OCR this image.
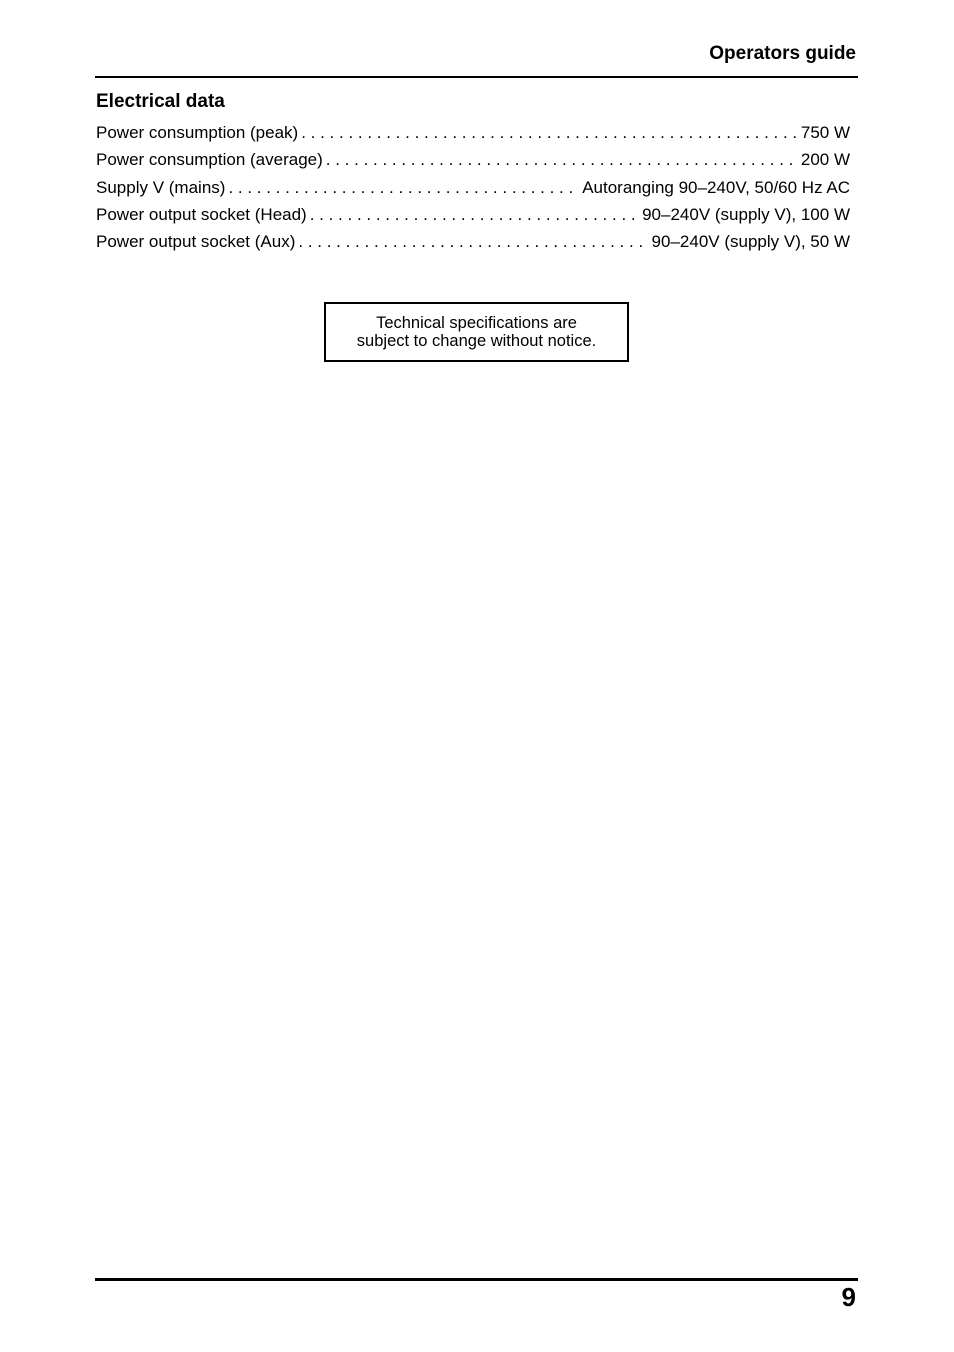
Operators guide
Electrical data
Power consumption (peak) . . .	750 W
Power consumption (average) . . .	200 W
Supply V (mains) . . .	Autoranging 90–240V, 50/60 Hz AC
Power output socket (Head) . . .	90–240V (supply V), 100 W
Power output socket (Aux) . . .	90–240V (supply V), 50 W
Technical specifications are
subject to change without notice.
9
